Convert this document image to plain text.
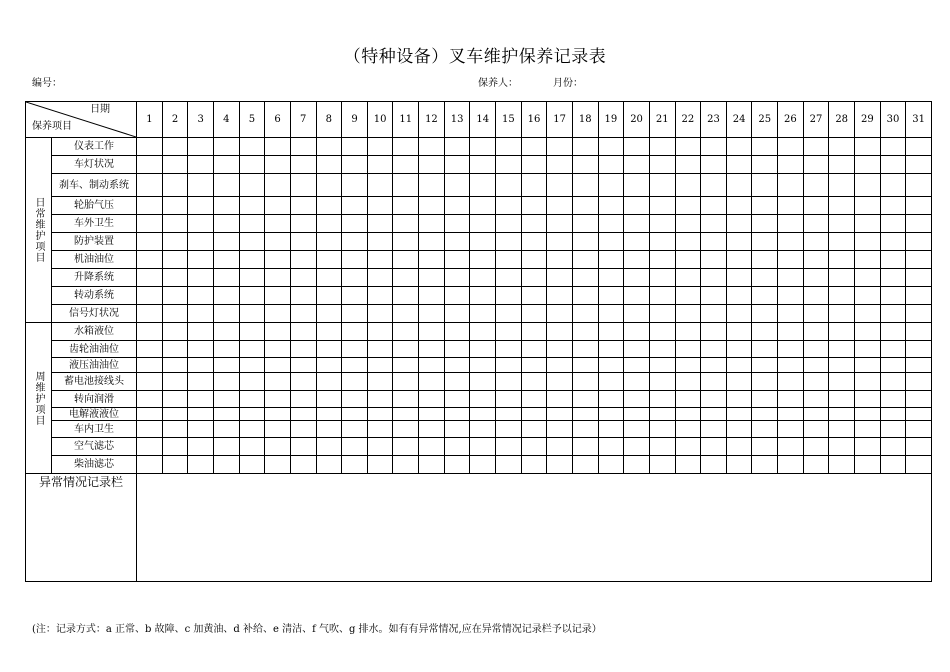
（特种设备）叉车维护保养记录表
编号：	保养人：	月份：
日期
保养项目		1	2	3	4	5	6	7	8	9	10	11	12	13	14	15	16	17	18	19	20	21	22	23	24	25	26	27	28	29	30	31
日常维护项目	仪表工作																															
	车灯状况																															
	刹车、制动系统																															
	轮胎气压																															
	车外卫生																															
	防护装置																															
	机油油位																															
	升降系统																															
	转动系统																															
	信号灯状况																															
周维护项目	水箱液位																															
	齿轮油油位																															
	液压油油位																															
	蓄电池接线头																															
	转向润滑																															
	电解液液位																															
	车内卫生																															
	空气滤芯																															
	柴油滤芯																															
异常情况记录栏																																
(注：记录方式：a 正常、b 故障、c 加黄油、d 补给、e 清洁、f 气吹、g 排水。如有有异常情况,应在异常情况记录栏予以记录）
